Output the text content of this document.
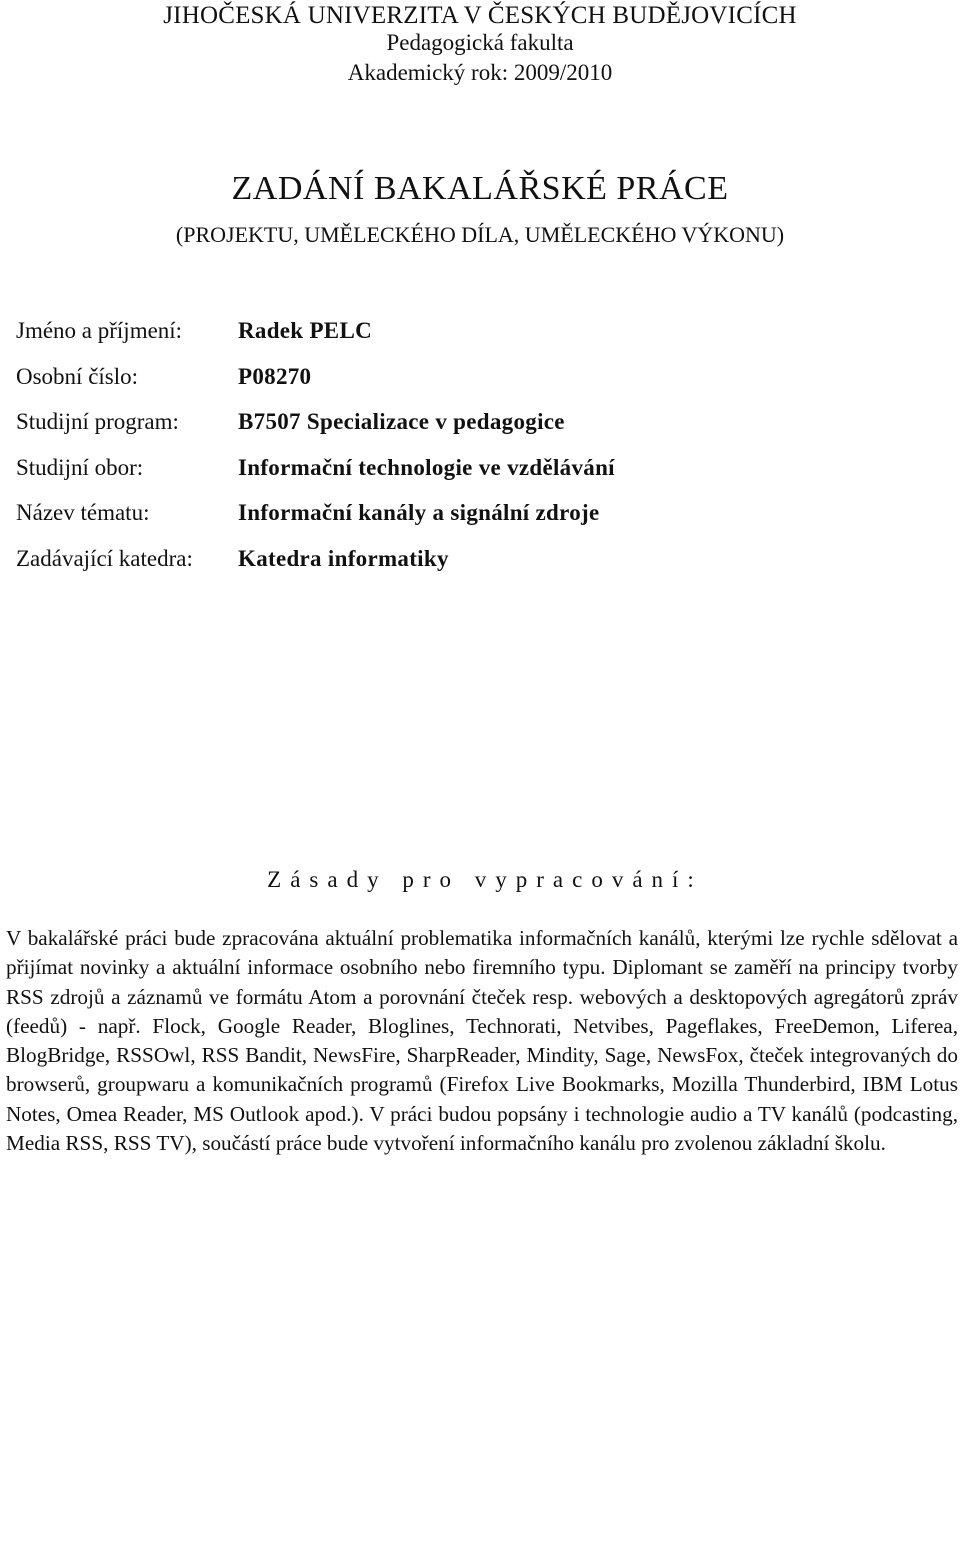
JIHOČESKÁ UNIVERZITA V ČESKÝCH BUDĚJOVICÍCH
Pedagogická fakulta
Akademický rok: 2009/2010
ZADÁNÍ BAKALÁŘSKÉ PRÁCE
(PROJEKTU, UMĚLECKÉHO DÍLA, UMĚLECKÉHO VÝKONU)
Jméno a příjmení: Radek PELC
Osobní číslo:	P08270
Studijní program:	B7507 Specializace v pedagogice
Studijní obor:	Informační technologie ve vzdělávání
Název tématu:	Informační kanály a signální zdroje
Zadávající katedra: Katedra informatiky
Zásady pro vypracování:

V bakalářské práci bude zpracována aktuální problematika informačních kanálů, kterými lze rychle sdělovat a přijímat novinky a aktuální informace osobního nebo firemního typu. Diplomant se zaměří na principy tvorby RSS zdrojů a záznamů ve formátu Atom a porovnání čteček resp. webových a desktopových agregátorů zpráv (feedů) - např. Flock, Google Reader, Bloglines, Technorati, Netvibes, Pageflakes, FreeDemon, Liferea, BlogBridge, RSSOwl, RSS Bandit, NewsFire, SharpReader, Mindity, Sage, NewsFox, čteček integrovaných do browserů, groupwaru a komunikačních programů (Firefox Live Bookmarks, Mozilla Thunderbird, IBM Lotus Notes, Omea Reader, MS Outlook apod.). V práci budou popsány i technologie audio a TV kanálů (podcasting, Media RSS, RSS TV), součástí práce bude vytvoření informačního kanálu pro zvolenou základní školu.
